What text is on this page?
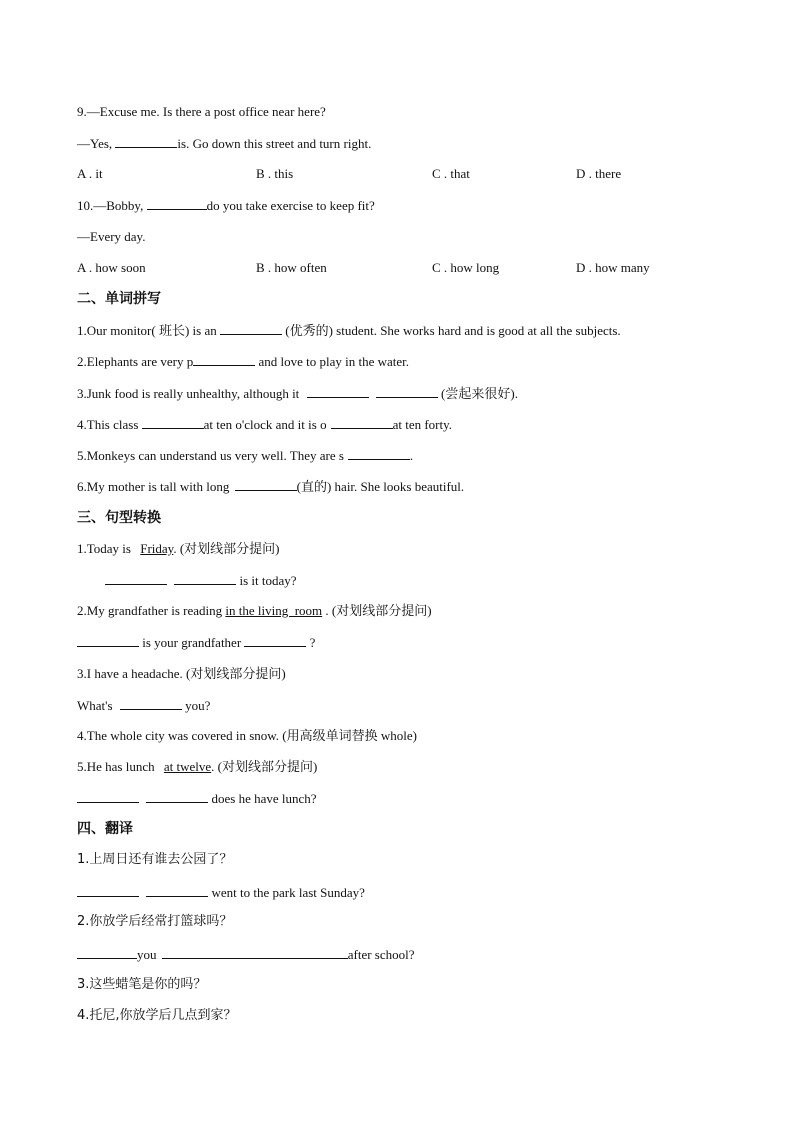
9.—Excuse me. Is there a post office near here?
—Yes,	is. Go down this street and turn right.
A . it	B . this	C . that	D . there
10.—Bobby,	do you take exercise to keep fit?
—Every day.
A . how soon	B . how often	C . how long	D . how many
二、单词拼写
1.Our monitor( 班长) is an	(优秀的) student. She works hard and is good at all the subjects.
2.Elephants are very p	and love to play in the water.
3.Junk food is really unhealthy, although it	(尝起来很好).
4.This class	at ten o'clock and it is o	at ten forty.
5.Monkeys can understand us very well. They are s	.
6.My mother is tall with long	(直的) hair. She looks beautiful.
三、句型转换
1.Today is Friday. (对划线部分提问)
is it today?
2.My grandfather is reading in the living  room . (对划线部分提问)
is your grandfather	?
3.I have a headache. (对划线部分提问)
What's	you?
4.The whole city was covered in snow. (用高级单词替换 whole)
5.He has lunch at twelve. (对划线部分提问)
does he have lunch?
四、翻译
1.上周日还有谁去公园了？
went to the park last Sunday?
2.你放学后经常打篮球吗？
you	after school?
3.这些蜡笔是你的吗？
4.托尼,你放学后几点到家？
